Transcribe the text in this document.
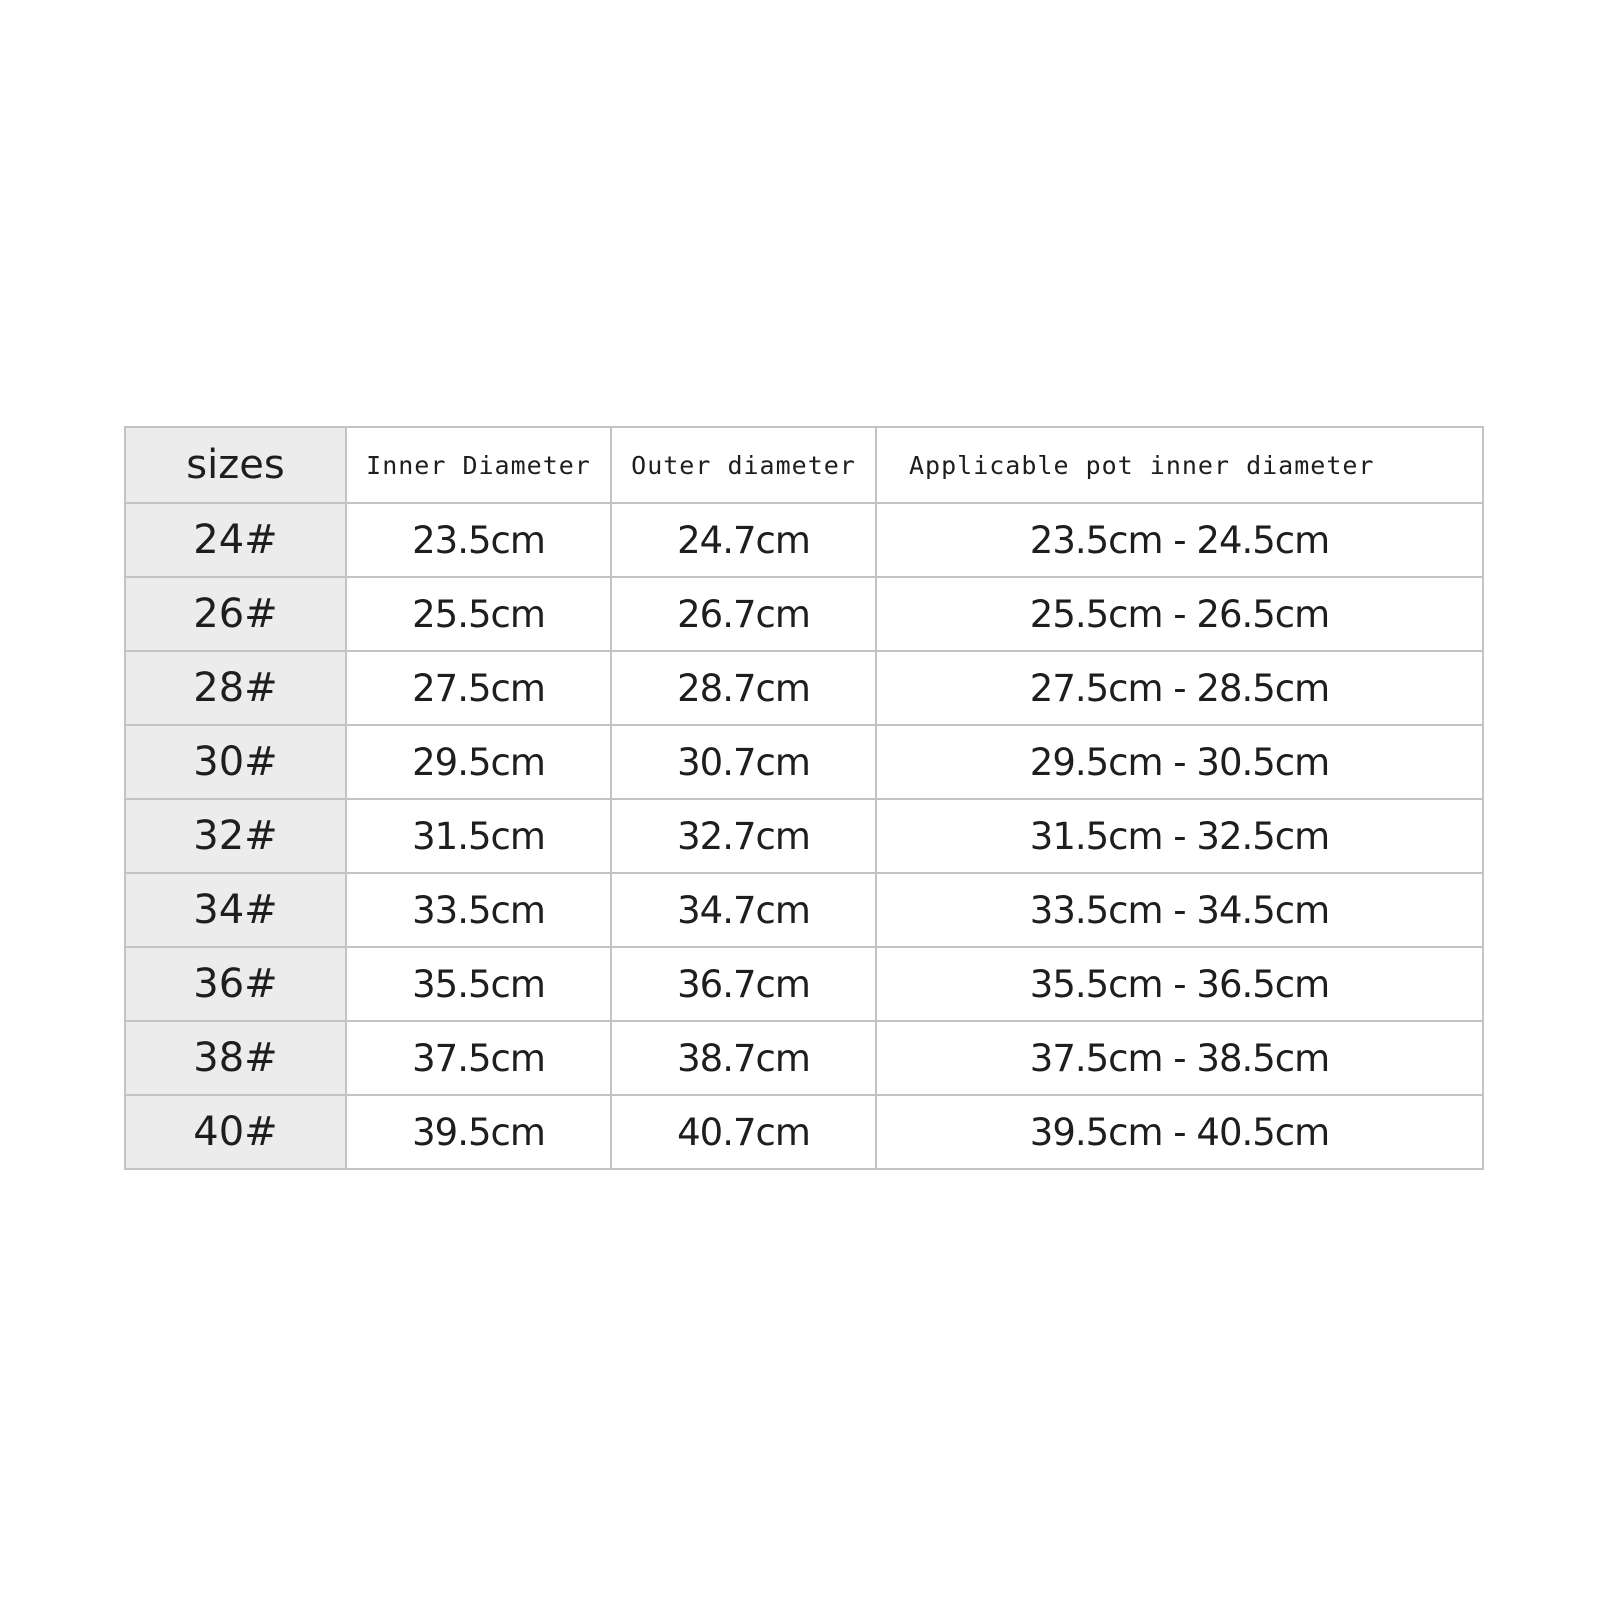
sizes	Inner Diameter	Outer diameter	Applicable pot inner diameter
24#	23.5cm	24.7cm	23.5cm - 24.5cm
26#	25.5cm	26.7cm	25.5cm - 26.5cm
28#	27.5cm	28.7cm	27.5cm - 28.5cm
30#	29.5cm	30.7cm	29.5cm - 30.5cm
32#	31.5cm	32.7cm	31.5cm - 32.5cm
34#	33.5cm	34.7cm	33.5cm - 34.5cm
36#	35.5cm	36.7cm	35.5cm - 36.5cm
38#	37.5cm	38.7cm	37.5cm - 38.5cm
40#	39.5cm	40.7cm	39.5cm - 40.5cm
